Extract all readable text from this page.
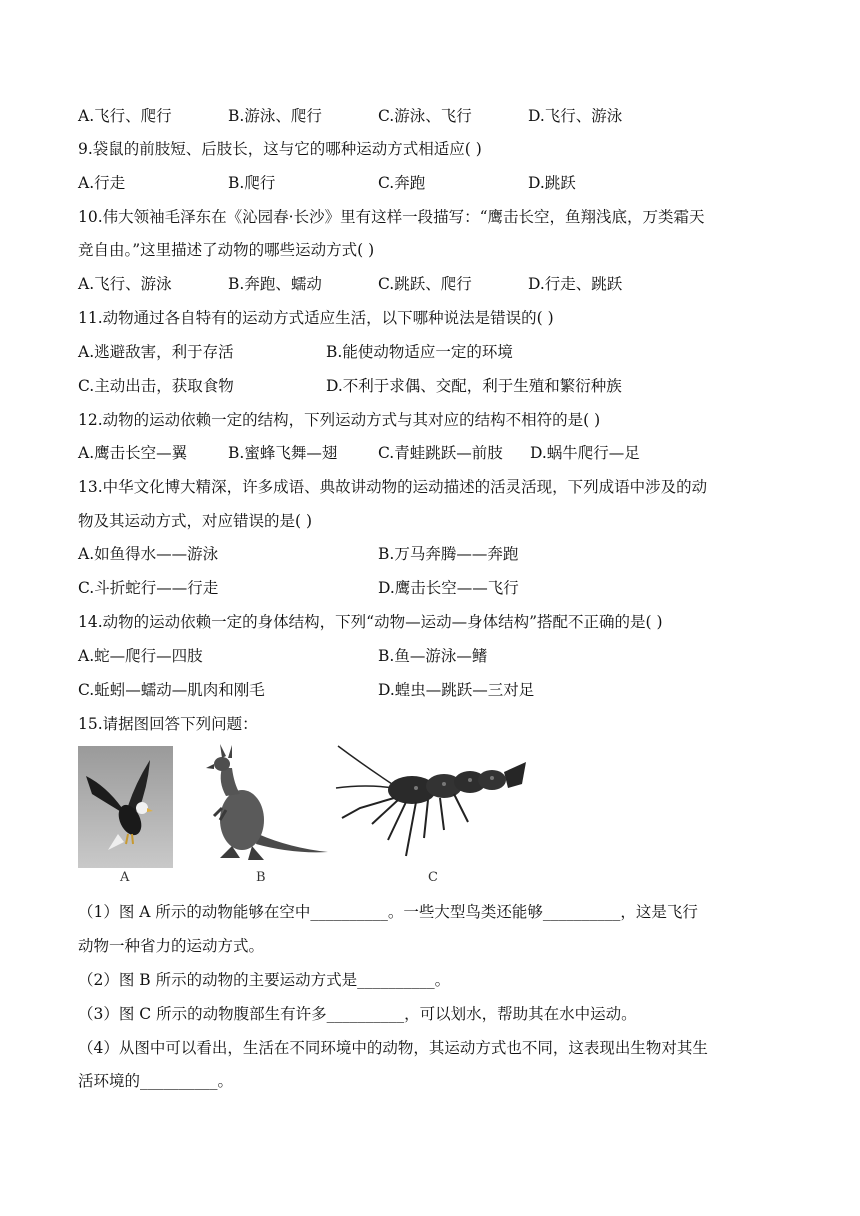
A.飞行、爬行	B.游泳、爬行	C.游泳、飞行	D.飞行、游泳
9.袋鼠的前肢短、后肢长，这与它的哪种运动方式相适应( )
A.行走	B.爬行	C.奔跑	D.跳跃
10.伟大领袖毛泽东在《沁园春·长沙》里有这样一段描写：“鹰击长空，鱼翔浅底，万类霜天
竞自由。”这里描述了动物的哪些运动方式( )
A.飞行、游泳	B.奔跑、蠕动	C.跳跃、爬行	D.行走、跳跃
11.动物通过各自特有的运动方式适应生活，以下哪种说法是错误的( )
A.逃避敌害，利于存活	B.能使动物适应一定的环境
C.主动出击，获取食物	D.不利于求偶、交配，利于生殖和繁衍种族
12.动物的运动依赖一定的结构，下列运动方式与其对应的结构不相符的是( )
A.鹰击长空—翼	B.蜜蜂飞舞—翅	C.青蛙跳跃—前肢 D.蜗牛爬行—足
13.中华文化博大精深，许多成语、典故讲动物的运动描述的活灵活现，下列成语中涉及的动
物及其运动方式，对应错误的是( )
A.如鱼得水——游泳	B.万马奔腾——奔跑
C.斗折蛇行——行走	D.鹰击长空——飞行
14.动物的运动依赖一定的身体结构，下列“动物—运动—身体结构”搭配不正确的是( )
A.蛇—爬行—四肢	B.鱼—游泳—鳍
C.蚯蚓—蠕动—肌肉和刚毛	D.蝗虫—跳跃—三对足
15.请据图回答下列问题：
A	B	C
（1）图 A 所示的动物能够在空中__________。一些大型鸟类还能够__________，这是飞行
动物一种省力的运动方式。
（2）图 B 所示的动物的主要运动方式是__________。
（3）图 C 所示的动物腹部生有许多__________，可以划水，帮助其在水中运动。
（4）从图中可以看出，生活在不同环境中的动物，其运动方式也不同，这表现出生物对其生
活环境的__________。
